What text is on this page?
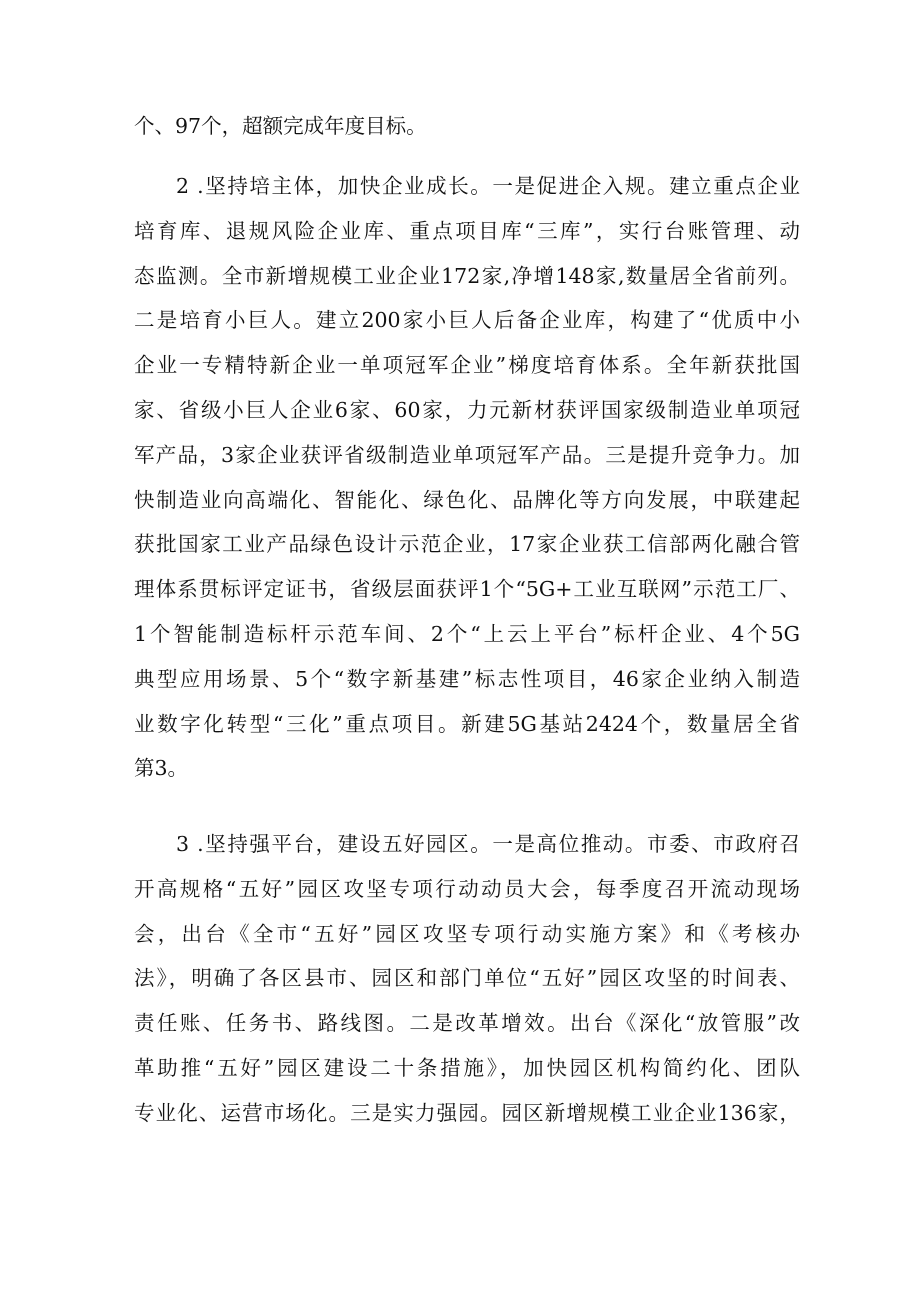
个、97个，超额完成年度目标。
2 .坚持培主体，加快企业成长。一是促进企入规。建立重点企业
培育库、退规风险企业库、重点项目库“三库”，实行台账管理、动
态监测。全市新增规模工业企业172家,净增148家,数量居全省前列。
二是培育小巨人。建立200家小巨人后备企业库，构建了“优质中小
企业一专精特新企业一单项冠军企业”梯度培育体系。全年新获批国
家、省级小巨人企业6家、60家，力元新材获评国家级制造业单项冠
军产品，3家企业获评省级制造业单项冠军产品。三是提升竞争力。加
快制造业向高端化、智能化、绿色化、品牌化等方向发展，中联建起
获批国家工业产品绿色设计示范企业，17家企业获工信部两化融合管
理体系贯标评定证书，省级层面获评1个“5G+工业互联网”示范工厂、
1个智能制造标杆示范车间、2个“上云上平台”标杆企业、4个5G
典型应用场景、5个“数字新基建”标志性项目，46家企业纳入制造
业数字化转型“三化”重点项目。新建5G基站2424个，数量居全省
第3。
3 .坚持强平台，建设五好园区。一是高位推动。市委、市政府召
开高规格“五好”园区攻坚专项行动动员大会，每季度召开流动现场
会，出台《全市“五好”园区攻坚专项行动实施方案》和《考核办
法》，明确了各区县市、园区和部门单位“五好”园区攻坚的时间表、
责任账、任务书、路线图。二是改革增效。出台《深化“放管服”改
革助推“五好”园区建设二十条措施》，加快园区机构简约化、团队
专业化、运营市场化。三是实力强园。园区新增规模工业企业136家，
